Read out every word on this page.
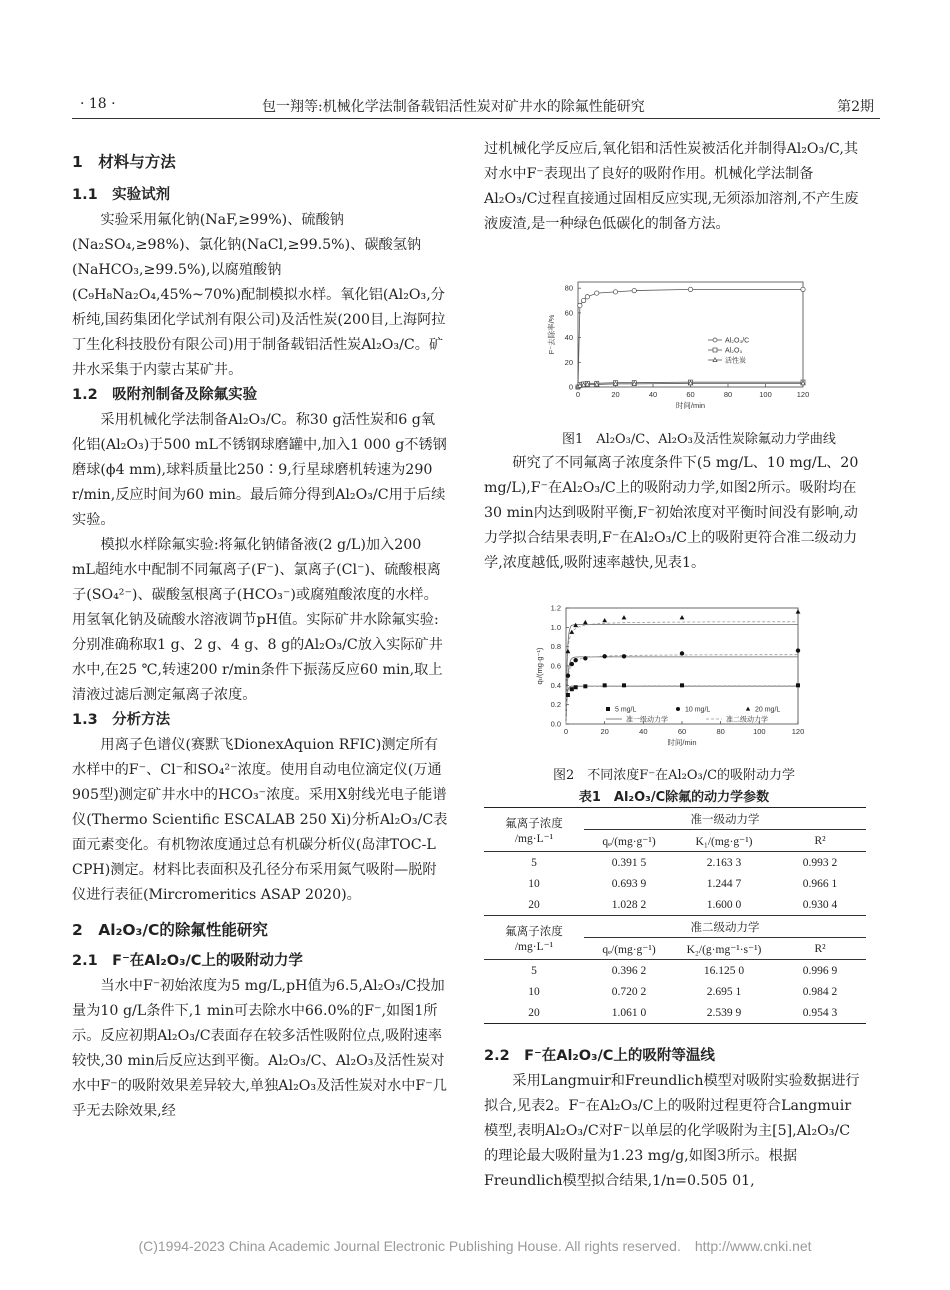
· 18 ·	包一翔等:机械化学法制备载铝活性炭对矿井水的除氟性能研究	第2期

1　材料与方法

1.1　实验试剂

实验采用氟化钠(NaF,≥99%)、硫酸钠(Na₂SO₄,≥98%)、氯化钠(NaCl,≥99.5%)、碳酸氢钠(NaHCO₃,≥99.5%),以腐殖酸钠(C₉H₈Na₂O₄,45%~70%)配制模拟水样。氧化铝(Al₂O₃,分析纯,国药集团化学试剂有限公司)及活性炭(200目,上海阿拉丁生化科技股份有限公司)用于制备载铝活性炭Al₂O₃/C。矿井水采集于内蒙古某矿井。

1.2　吸附剂制备及除氟实验

采用机械化学法制备Al₂O₃/C。称30 g活性炭和6 g氧化铝(Al₂O₃)于500 mL不锈钢球磨罐中,加入1 000 g不锈钢磨球(ϕ4 mm),球料质量比250∶9,行星球磨机转速为290 r/min,反应时间为60 min。最后筛分得到Al₂O₃/C用于后续实验。

模拟水样除氟实验:将氟化钠储备液(2 g/L)加入200 mL超纯水中配制不同氟离子(F⁻)、氯离子(Cl⁻)、硫酸根离子(SO₄²⁻)、碳酸氢根离子(HCO₃⁻)或腐殖酸浓度的水样。用氢氧化钠及硫酸水溶液调节pH值。实际矿井水除氟实验:分别准确称取1 g、2 g、4 g、8 g的Al₂O₃/C放入实际矿井水中,在25 ℃,转速200 r/min条件下振荡反应60 min,取上清液过滤后测定氟离子浓度。

1.3　分析方法

用离子色谱仪(赛默飞DionexAquion RFIC)测定所有水样中的F⁻、Cl⁻和SO₄²⁻浓度。使用自动电位滴定仪(万通905型)测定矿井水中的HCO₃⁻浓度。采用X射线光电子能谱仪(Thermo Scientific ESCALAB 250 Xi)分析Al₂O₃/C表面元素变化。有机物浓度通过总有机碳分析仪(岛津TOC-L CPH)测定。材料比表面积及孔径分布采用氮气吸附—脱附仪进行表征(Mircromeritics ASAP 2020)。

2　Al₂O₃/C的除氟性能研究

2.1　F⁻在Al₂O₃/C上的吸附动力学

当水中F⁻初始浓度为5 mg/L,pH值为6.5,Al₂O₃/C投加量为10 g/L条件下,1 min可去除水中66.0%的F⁻,如图1所示。反应初期Al₂O₃/C表面存在较多活性吸附位点,吸附速率较快,30 min后反应达到平衡。Al₂O₃/C、Al₂O₃及活性炭对水中F⁻的吸附效果差异较大,单独Al₂O₃及活性炭对水中F⁻几乎无去除效果,经

过机械化学反应后,氧化铝和活性炭被活化并制得Al₂O₃/C,其对水中F⁻表现出了良好的吸附作用。机械化学法制备Al₂O₃/C过程直接通过固相反应实现,无须添加溶剂,不产生废液废渣,是一种绿色低碳化的制备方法。

0	20	40	60	80	100	120
0
20
40
60
80
时间/min
F⁻去除率/%	Al₂O₃/C
Al₂O₃
活性炭
图1　Al₂O₃/C、Al₂O₃及活性炭除氟动力学曲线

研究了不同氟离子浓度条件下(5 mg/L、10 mg/L、20 mg/L),F⁻在Al₂O₃/C上的吸附动力学,如图2所示。吸附均在30 min内达到吸附平衡,F⁻初始浓度对平衡时间没有影响,动力学拟合结果表明,F⁻在Al₂O₃/C上的吸附更符合准二级动力学,浓度越低,吸附速率越快,见表1。

0	20	40	60	80	100	120
0.0
0.2
0.4
0.6
0.8
1.0
1.2
时间/min
qₜ/(mg·g⁻¹)
5 mg/L	10 mg/L	20 mg/L
准一级动力学	准二级动力学
图2　不同浓度F⁻在Al₂O₃/C的吸附动力学
表1　Al₂O₃/C除氟的动力学参数
氟离子浓度
/mg·L⁻¹	准一级动力学		
	qₑ/(mg·g⁻¹)	K₁/(mg·g⁻¹)	R²
5	0.391 5	2.163 3	0.993 2
10	0.693 9	1.244 7	0.966 1
20	1.028 2	1.600 0	0.930 4

氟离子浓度
/mg·L⁻¹	准二级动力学		
	qₑ/(mg·g⁻¹)	K₂/(g·mg⁻¹·s⁻¹)	R²
5	0.396 2	16.125 0	0.996 9
10	0.720 2	2.695 1	0.984 2
20	1.061 0	2.539 9	0.954 3

2.2　F⁻在Al₂O₃/C上的吸附等温线

采用Langmuir和Freundlich模型对吸附实验数据进行拟合,见表2。F⁻在Al₂O₃/C上的吸附过程更符合Langmuir模型,表明Al₂O₃/C对F⁻以单层的化学吸附为主[5],Al₂O₃/C的理论最大吸附量为1.23 mg/g,如图3所示。根据Freundlich模型拟合结果,1/n=0.505 01,

(C)1994-2023 China Academic Journal Electronic Publishing House. All rights reserved.　http://www.cnki.net
